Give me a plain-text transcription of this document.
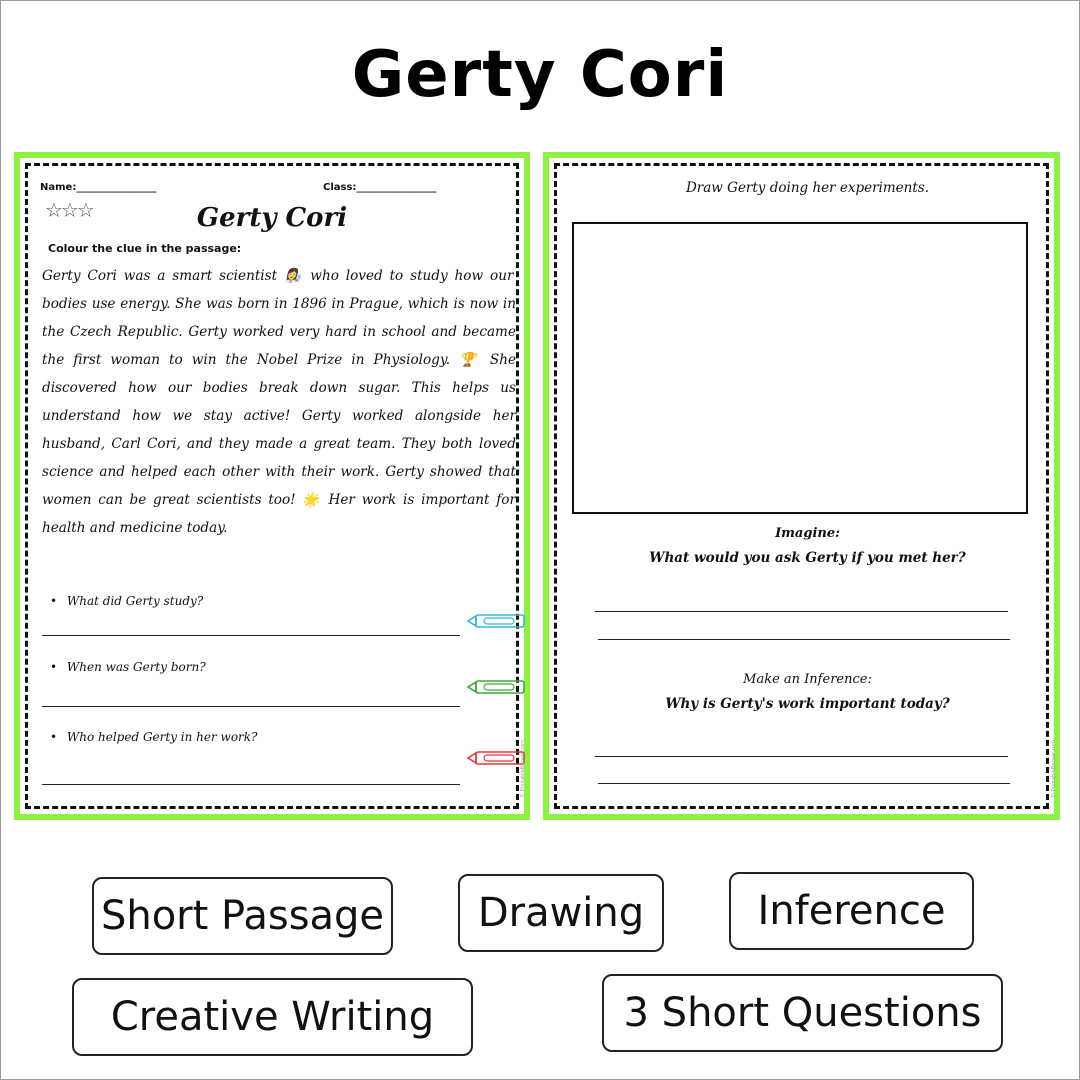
Gerty Cori
Name:________________	Class:________________
☆☆☆	Gerty Cori
Colour the clue in the passage:

Gerty Cori was a smart scientist 👩‍🔬 who loved to study how our bodies use energy. She was born in 1896 in Prague, which is now in the Czech Republic. Gerty worked very hard in school and became the first woman to win the Nobel Prize in Physiology. 🏆 She discovered how our bodies break down sugar. This helps us understand how we stay active! Gerty worked alongside her husband, Carl Cori, and they made a great team. They both loved science and helped each other with their work. Gerty showed that women can be great scientists too! 🌟 Her work is important for health and medicine today.

• What did Gerty study?
• When was Gerty born?
• Who helped Gerty in her work?
© PrintableBazaar.com
Draw Gerty doing her experiments.
Imagine:
What would you ask Gerty if you met her?
Make an Inference:
Why is Gerty's work important today?
© PrintableBazaar.com
Short Passage	Drawing	Inference
Creative Writing	3 Short Questions
